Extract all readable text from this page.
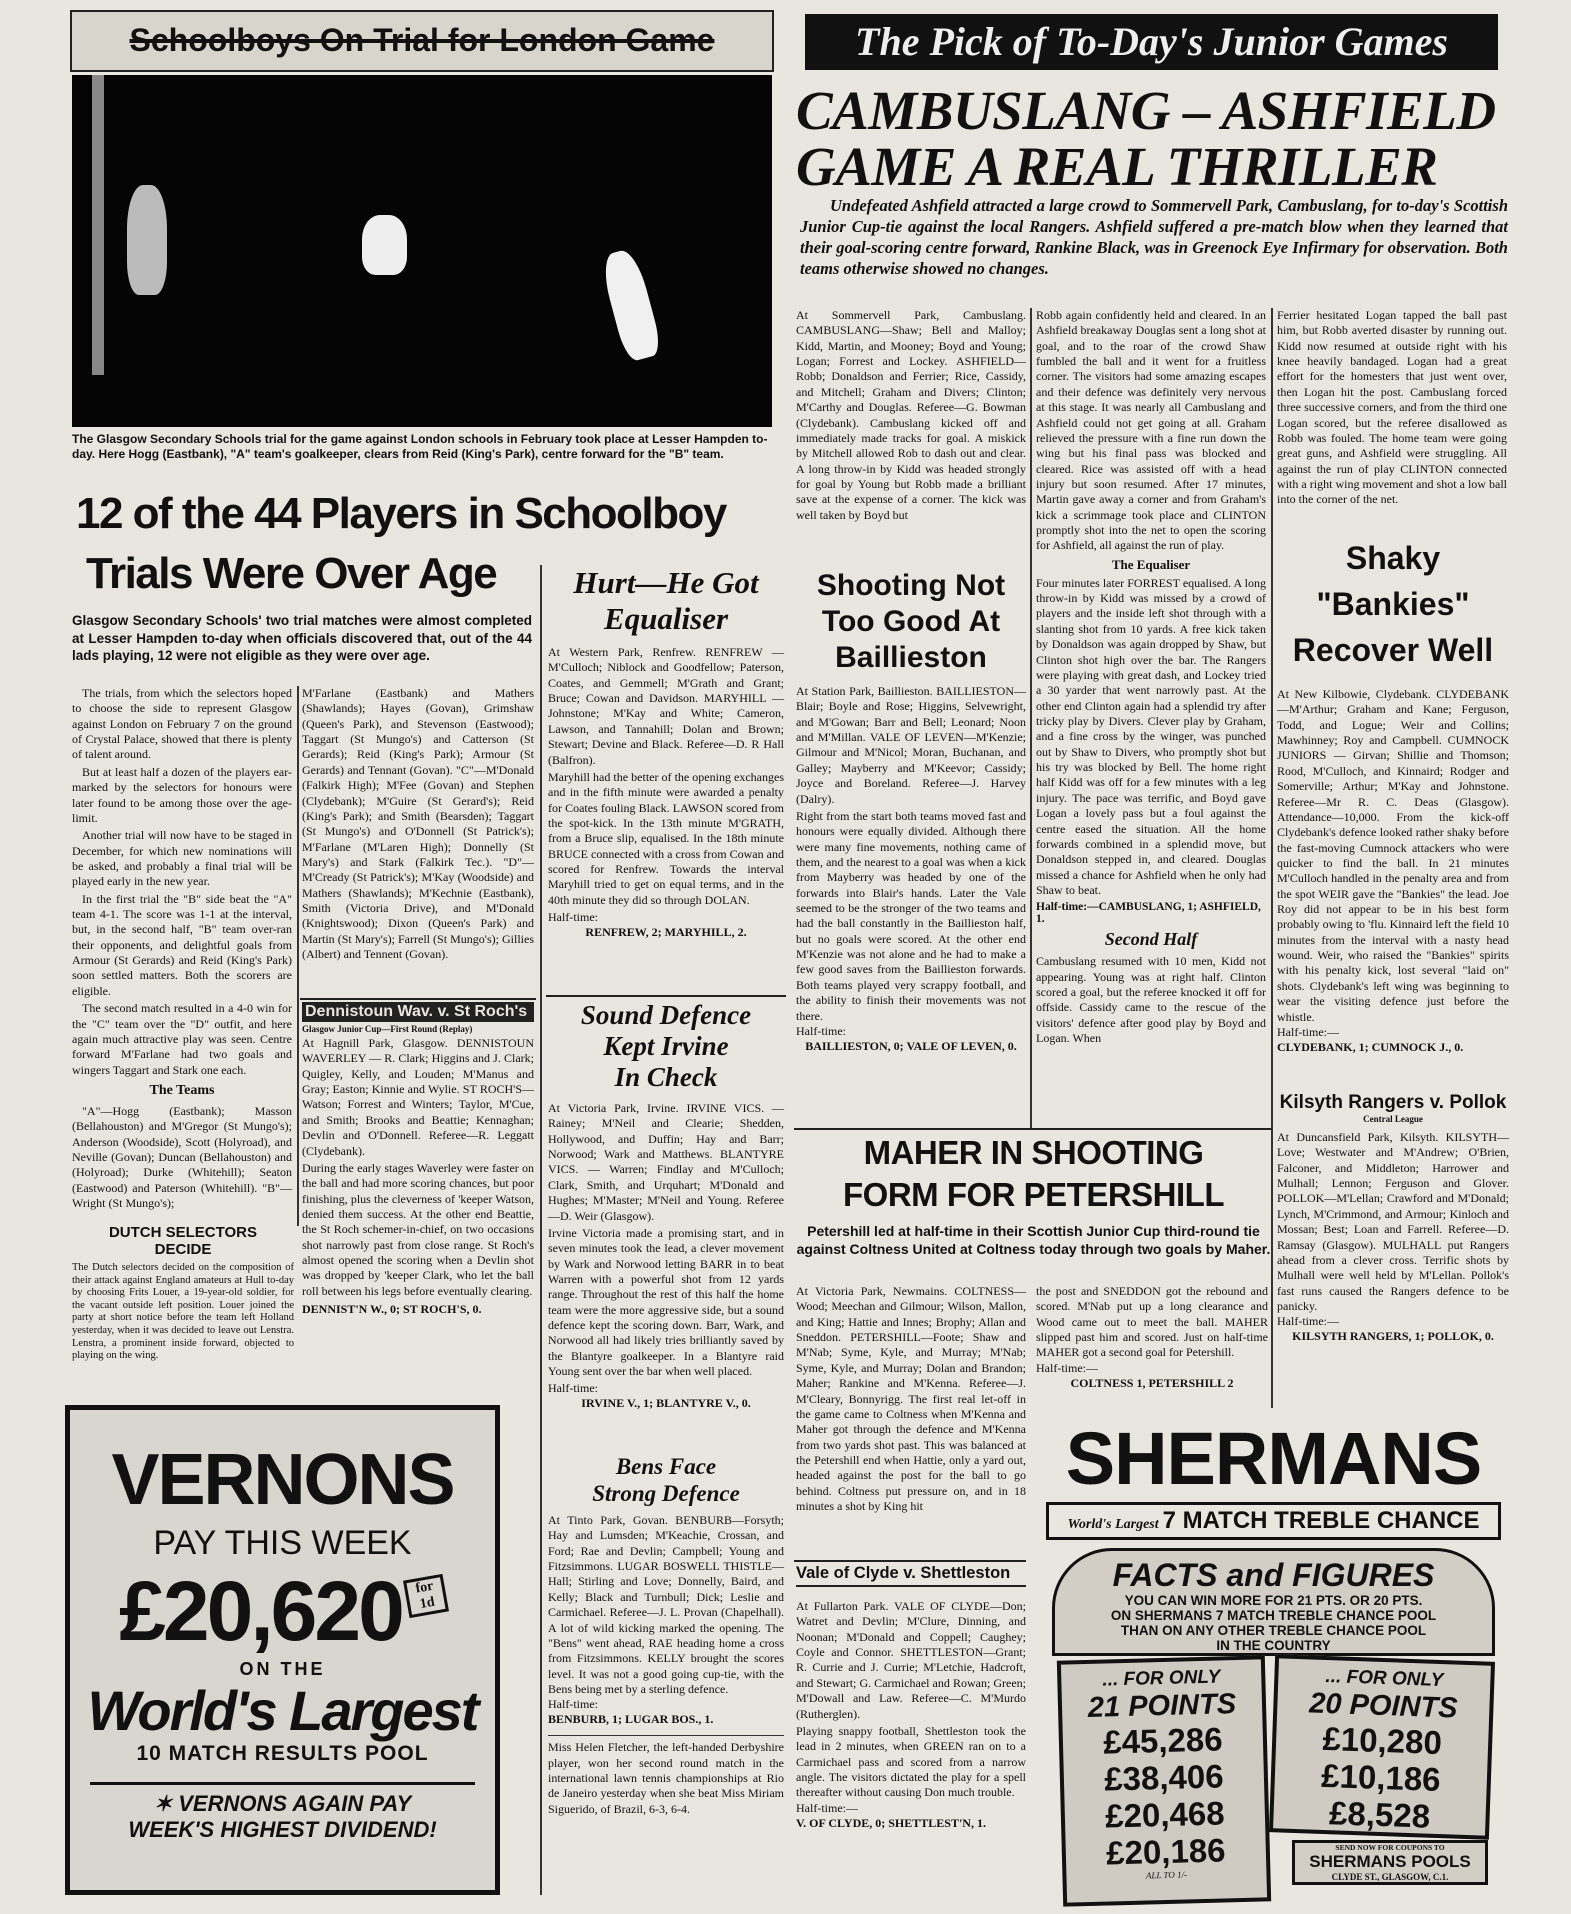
Schoolboys On Trial for London Game
The Glasgow Secondary Schools trial for the game against London schools in February took place at Lesser Hampden to-day. Here Hogg (Eastbank), "A" team's goalkeeper, clears from Reid (King's Park), centre forward for the "B" team.
12 of the 44 Players in Schoolboy
Trials Were Over Age
Glasgow Secondary Schools' two trial matches were almost completed at Lesser Hampden to-day when officials discovered that, out of the 44 lads playing, 12 were not eligible as they were over age.

The trials, from which the selectors hoped to choose the side to represent Glasgow against London on February 7 on the ground of Crystal Palace, showed that there is plenty of talent around.

But at least half a dozen of the players ear-marked by the selectors for honours were later found to be among those over the age-limit.

Another trial will now have to be staged in December, for which new nominations will be asked, and probably a final trial will be played early in the new year.

In the first trial the "B" side beat the "A" team 4-1. The score was 1-1 at the interval, but, in the second half, "B" team over-ran their opponents, and delightful goals from Armour (St Gerards) and Reid (King's Park) soon settled matters. Both the scorers are eligible.

The second match resulted in a 4-0 win for the "C" team over the "D" outfit, and here again much attractive play was seen. Centre forward M'Farlane had two goals and wingers Taggart and Stark one each.

The Teams

"A"—Hogg (Eastbank); Masson (Bellahouston) and M'Gregor (St Mungo's); Anderson (Woodside), Scott (Holyroad), and Neville (Govan); Duncan (Bellahouston) and (Holyroad); Durke (Whitehill); Seaton (Eastwood) and Paterson (Whitehill). "B"—Wright (St Mungo's);

M'Farlane (Eastbank) and Mathers (Shawlands); Hayes (Govan), Grimshaw (Queen's Park), and Stevenson (Eastwood); Taggart (St Mungo's) and Catterson (St Gerards); Reid (King's Park); Armour (St Gerards) and Tennant (Govan). "C"—M'Donald (Falkirk High); M'Fee (Govan) and Stephen (Clydebank); M'Guire (St Gerard's); Reid (King's Park); and Smith (Bearsden); Taggart (St Mungo's) and O'Donnell (St Patrick's); M'Farlane (M'Laren High); Donnelly (St Mary's) and Stark (Falkirk Tec.). "D"—M'Cready (St Patrick's); M'Kay (Woodside) and Mathers (Shawlands); M'Kechnie (Eastbank), Smith (Victoria Drive), and M'Donald (Knightswood); Dixon (Queen's Park) and Martin (St Mary's); Farrell (St Mungo's); Gillies (Albert) and Tennent (Govan).

DUTCH SELECTORS
DECIDE
The Dutch selectors decided on the composition of their attack against England amateurs at Hull to-day by choosing Frits Louer, a 19-year-old soldier, for the vacant outside left position. Louer joined the party at short notice before the team left Holland yesterday, when it was decided to leave out Lenstra. Lenstra, a prominent inside forward, objected to playing on the wing.
Dennistoun Wav. v. St Roch's
Glasgow Junior Cup—First Round (Replay)
At Hagnill Park, Glasgow. DENNISTOUN WAVERLEY — R. Clark; Higgins and J. Clark; Quigley, Kelly, and Louden; M'Manus and Gray; Easton; Kinnie and Wylie. ST ROCH'S—Watson; Forrest and Winters; Taylor, M'Cue, and Smith; Brooks and Beattie; Kennaghan; Devlin and O'Donnell. Referee—R. Leggatt (Clydebank).
During the early stages Waverley were faster on the ball and had more scoring chances, but poor finishing, plus the cleverness of 'keeper Watson, denied them success. At the other end Beattie, the St Roch schemer-in-chief, on two occasions shot narrowly past from close range. St Roch's almost opened the scoring when a Devlin shot was dropped by 'keeper Clark, who let the ball roll between his legs before eventually clearing.
DENNIST'N W., 0; ST ROCH'S, 0.
VERNONS
PAY THIS WEEK
£20,620 for 1d
ON THE
World's Largest
10 MATCH RESULTS POOL
✶ VERNONS AGAIN PAY
WEEK'S HIGHEST DIVIDEND!
Hurt—He Got
Equaliser
At Western Park, Renfrew. RENFREW — M'Culloch; Niblock and Goodfellow; Paterson, Coates, and Gemmell; M'Grath and Grant; Bruce; Cowan and Davidson. MARYHILL — Johnstone; M'Kay and White; Cameron, Lawson, and Tannahill; Dolan and Brown; Stewart; Devine and Black. Referee—D. R Hall (Balfron).
Maryhill had the better of the opening exchanges and in the fifth minute were awarded a penalty for Coates fouling Black. LAWSON scored from the spot-kick. In the 13th minute M'GRATH, from a Bruce slip, equalised. In the 18th minute BRUCE connected with a cross from Cowan and scored for Renfrew. Towards the interval Maryhill tried to get on equal terms, and in the 40th minute they did so through DOLAN.
Half-time:
RENFREW, 2; MARYHILL, 2.
Sound Defence
Kept Irvine
In Check
At Victoria Park, Irvine. IRVINE VICS. — Rainey; M'Neil and Clearie; Shedden, Hollywood, and Duffin; Hay and Barr; Norwood; Wark and Matthews. BLANTYRE VICS. — Warren; Findlay and M'Culloch; Clark, Smith, and Urquhart; M'Donald and Hughes; M'Master; M'Neil and Young. Referee—D. Weir (Glasgow).
Irvine Victoria made a promising start, and in seven minutes took the lead, a clever movement by Wark and Norwood letting BARR in to beat Warren with a powerful shot from 12 yards range. Throughout the rest of this half the home team were the more aggressive side, but a sound defence kept the scoring down. Barr, Wark, and Norwood all had likely tries brilliantly saved by the Blantyre goalkeeper. In a Blantyre raid Young sent over the bar when well placed.
Half-time:
IRVINE V., 1; BLANTYRE V., 0.
Bens Face
Strong Defence
At Tinto Park, Govan. BENBURB—Forsyth; Hay and Lumsden; M'Keachie, Crossan, and Ford; Rae and Devlin; Campbell; Young and Fitzsimmons. LUGAR BOSWELL THISTLE—Hall; Stirling and Love; Donnelly, Baird, and Kelly; Black and Turnbull; Dick; Leslie and Carmichael. Referee—J. L. Provan (Chapelhall). A lot of wild kicking marked the opening. The "Bens" went ahead, RAE heading home a cross from Fitzsimmons. KELLY brought the scores level. It was not a good going cup-tie, with the Bens being met by a sterling defence.
Half-time:
BENBURB, 1; LUGAR BOS., 1.
Miss Helen Fletcher, the left-handed Derbyshire player, won her second round match in the international lawn tennis championships at Rio de Janeiro yesterday when she beat Miss Miriam Siguerido, of Brazil, 6-3, 6-4.
The Pick of To-Day's Junior Games
CAMBUSLANG – ASHFIELD
GAME A REAL THRILLER
Undefeated Ashfield attracted a large crowd to Sommervell Park, Cambuslang, for to-day's Scottish Junior Cup-tie against the local Rangers. Ashfield suffered a pre-match blow when they learned that their goal-scoring centre forward, Rankine Black, was in Greenock Eye Infirmary for observation. Both teams otherwise showed no changes.
At Sommervell Park, Cambuslang. CAMBUSLANG—Shaw; Bell and Malloy; Kidd, Martin, and Mooney; Boyd and Young; Logan; Forrest and Lockey. ASHFIELD—Robb; Donaldson and Ferrier; Rice, Cassidy, and Mitchell; Graham and Divers; Clinton; M'Carthy and Douglas. Referee—G. Bowman (Clydebank). Cambuslang kicked off and immediately made tracks for goal. A miskick by Mitchell allowed Rob to dash out and clear. A long throw-in by Kidd was headed strongly for goal by Young but Robb made a brilliant save at the expense of a corner. The kick was well taken by Boyd but
Robb again confidently held and cleared. In an Ashfield breakaway Douglas sent a long shot at goal, and to the roar of the crowd Shaw fumbled the ball and it went for a fruitless corner. The visitors had some amazing escapes and their defence was definitely very nervous at this stage. It was nearly all Cambuslang and Ashfield could not get going at all. Graham relieved the pressure with a fine run down the wing but his final pass was blocked and cleared. Rice was assisted off with a head injury but soon resumed. After 17 minutes, Martin gave away a corner and from Graham's kick a scrimmage took place and CLINTON promptly shot into the net to open the scoring for Ashfield, all against the run of play.
The Equaliser
Four minutes later FORREST equalised. A long throw-in by Kidd was missed by a crowd of players and the inside left shot through with a slanting shot from 10 yards. A free kick taken by Donaldson was again dropped by Shaw, but Clinton shot high over the bar. The Rangers were playing with great dash, and Lockey tried a 30 yarder that went narrowly past. At the other end Clinton again had a splendid try after tricky play by Divers. Clever play by Graham, and a fine cross by the winger, was punched out by Shaw to Divers, who promptly shot but his try was blocked by Bell. The home right half Kidd was off for a few minutes with a leg injury. The pace was terrific, and Boyd gave Logan a lovely pass but a foul against the centre eased the situation. All the home forwards combined in a splendid move, but Donaldson stepped in, and cleared. Douglas missed a chance for Ashfield when he only had Shaw to beat.
Half-time:—CAMBUSLANG, 1; ASHFIELD, 1.
Second Half
Cambuslang resumed with 10 men, Kidd not appearing. Young was at right half. Clinton scored a goal, but the referee knocked it off for offside. Cassidy came to the rescue of the visitors' defence after good play by Boyd and Logan. When
Ferrier hesitated Logan tapped the ball past him, but Robb averted disaster by running out. Kidd now resumed at outside right with his knee heavily bandaged. Logan had a great effort for the homesters that just went over, then Logan hit the post. Cambuslang forced three successive corners, and from the third one Logan scored, but the referee disallowed as Robb was fouled. The home team were going great guns, and Ashfield were struggling. All against the run of play CLINTON connected with a right wing movement and shot a low ball into the corner of the net.
Shooting Not
Too Good At
Baillieston
At Station Park, Baillieston. BAILLIESTON—Blair; Boyle and Rose; Higgins, Selvewright, and M'Gowan; Barr and Bell; Leonard; Noon and M'Millan. VALE OF LEVEN—M'Kenzie; Gilmour and M'Nicol; Moran, Buchanan, and Galley; Mayberry and M'Keevor; Cassidy; Joyce and Boreland. Referee—J. Harvey (Dalry).
Right from the start both teams moved fast and honours were equally divided. Although there were many fine movements, nothing came of them, and the nearest to a goal was when a kick from Mayberry was headed by one of the forwards into Blair's hands. Later the Vale seemed to be the stronger of the two teams and had the ball constantly in the Baillieston half, but no goals were scored. At the other end M'Kenzie was not alone and he had to make a few good saves from the Baillieston forwards. Both teams played very scrappy football, and the ability to finish their movements was not there.
Half-time:
BAILLIESTON, 0; VALE OF LEVEN, 0.
Shaky
"Bankies"
Recover Well
At New Kilbowie, Clydebank. CLYDEBANK—M'Arthur; Graham and Kane; Ferguson, Todd, and Logue; Weir and Collins; Mawhinney; Roy and Campbell. CUMNOCK JUNIORS — Girvan; Shillie and Thomson; Rood, M'Culloch, and Kinnaird; Rodger and Somerville; Arthur; M'Kay and Johnstone. Referee—Mr R. C. Deas (Glasgow). Attendance—10,000. From the kick-off Clydebank's defence looked rather shaky before the fast-moving Cumnock attackers who were quicker to find the ball. In 21 minutes M'Culloch handled in the penalty area and from the spot WEIR gave the "Bankies" the lead. Joe Roy did not appear to be in his best form probably owing to 'flu. Kinnaird left the field 10 minutes from the interval with a nasty head wound. Weir, who raised the "Bankies" spirits with his penalty kick, lost several "laid on" shots. Clydebank's left wing was beginning to wear the visiting defence just before the whistle.
Half-time:—
CLYDEBANK, 1; CUMNOCK J., 0.
Kilsyth Rangers v. Pollok
Central League
At Duncansfield Park, Kilsyth. KILSYTH—Love; Westwater and M'Andrew; O'Brien, Falconer, and Middleton; Harrower and Mulhall; Lennon; Ferguson and Glover. POLLOK—M'Lellan; Crawford and M'Donald; Lynch, M'Crimmond, and Armour; Kinloch and Mossan; Best; Loan and Farrell. Referee—D. Ramsay (Glasgow). MULHALL put Rangers ahead from a clever cross. Terrific shots by Mulhall were well held by M'Lellan. Pollok's fast runs caused the Rangers defence to be panicky.
Half-time:—
KILSYTH RANGERS, 1; POLLOK, 0.
MAHER IN SHOOTING
FORM FOR PETERSHILL
Petershill led at half-time in their Scottish Junior Cup third-round tie against Coltness United at Coltness today through two goals by Maher.
At Victoria Park, Newmains. COLTNESS—Wood; Meechan and Gilmour; Wilson, Mallon, and King; Hattie and Innes; Brophy; Allan and Sneddon. PETERSHILL—Foote; Shaw and M'Nab; Syme, Kyle, and Murray; M'Nab; Syme, Kyle, and Murray; Dolan and Brandon; Maher; Rankine and M'Kenna. Referee—J. M'Cleary, Bonnyrigg. The first real let-off in the game came to Coltness when M'Kenna and Maher got through the defence and M'Kenna from two yards shot past. This was balanced at the Petershill end when Hattie, only a yard out, headed against the post for the ball to go behind. Coltness put pressure on, and in 18 minutes a shot by King hit
the post and SNEDDON got the rebound and scored. M'Nab put up a long clearance and Wood came out to meet the ball. MAHER slipped past him and scored. Just on half-time MAHER got a second goal for Petershill.
Half-time:—
COLTNESS 1, PETERSHILL 2
Vale of Clyde v. Shettleston
At Fullarton Park. VALE OF CLYDE—Don; Watret and Devlin; M'Clure, Dinning, and Noonan; M'Donald and Coppell; Caughey; Coyle and Connor. SHETTLESTON—Grant; R. Currie and J. Currie; M'Letchie, Hadcroft, and Stewart; G. Carmichael and Rowan; Green; M'Dowall and Law. Referee—C. M'Murdo (Rutherglen).
Playing snappy football, Shettleston took the lead in 2 minutes, when GREEN ran on to a Carmichael pass and scored from a narrow angle. The visitors dictated the play for a spell thereafter without causing Don much trouble.
Half-time:—
V. OF CLYDE, 0; SHETTLEST'N, 1.
SHERMANS
World's Largest 7 MATCH TREBLE CHANCE
FACTS and FIGURES
YOU CAN WIN MORE FOR 21 PTS. OR 20 PTS.
ON SHERMANS 7 MATCH TREBLE CHANCE POOL
THAN ON ANY OTHER TREBLE CHANCE POOL
IN THE COUNTRY
... FOR ONLY
21 POINTS
£45,286
£38,406
£20,468
£20,186
ALL TO 1/-
... FOR ONLY
20 POINTS
£10,280
£10,186
£8,528
SEND NOW FOR COUPONS TO
SHERMANS POOLS
CLYDE ST., GLASGOW, C.1.
